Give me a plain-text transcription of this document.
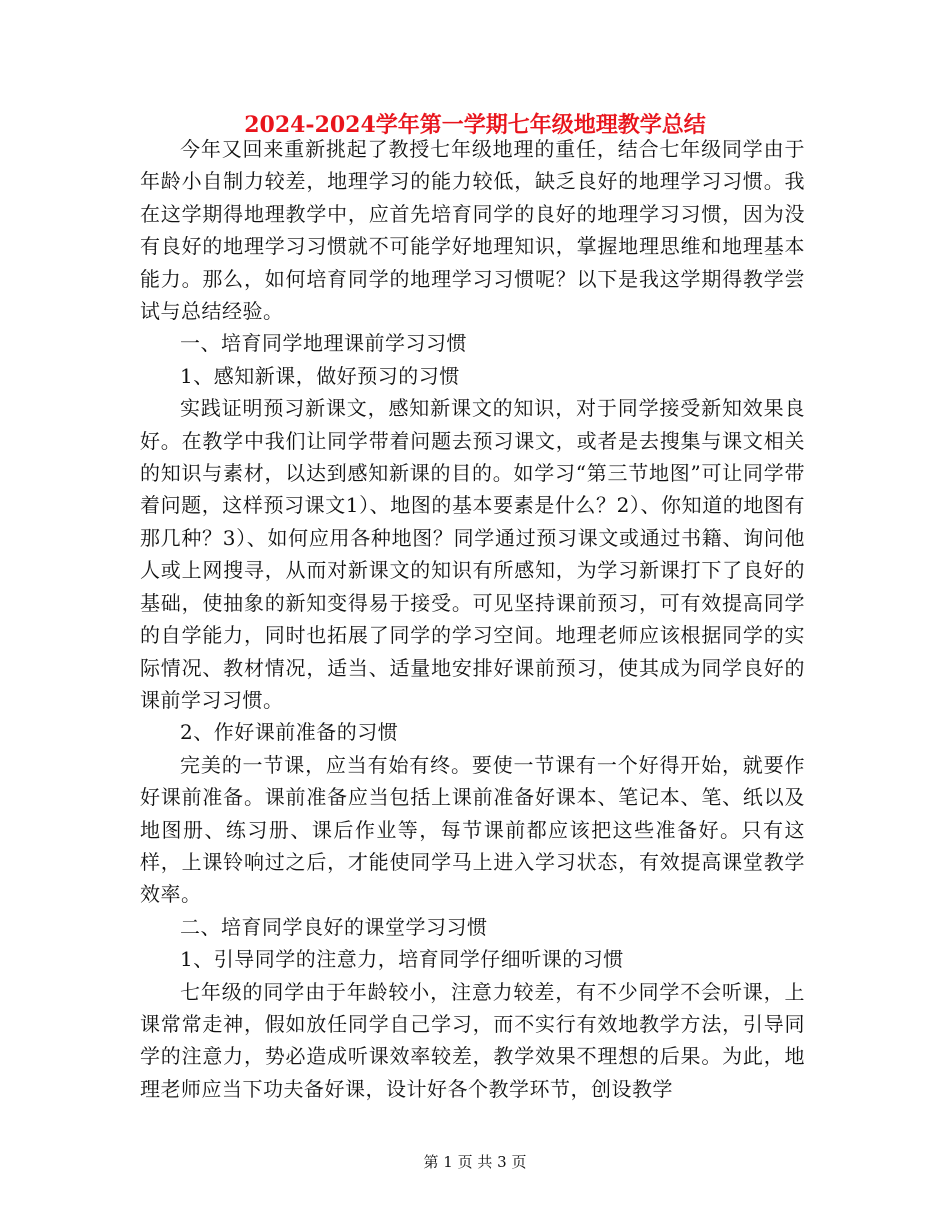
2024-2024学年第一学期七年级地理教学总结

今年又回来重新挑起了教授七年级地理的重任，结合七年级同学由于年龄小自制力较差，地理学习的能力较低，缺乏良好的地理学习习惯。我在这学期得地理教学中，应首先培育同学的良好的地理学习习惯，因为没有良好的地理学习习惯就不可能学好地理知识，掌握地理思维和地理基本能力。那么，如何培育同学的地理学习习惯呢？以下是我这学期得教学尝试与总结经验。

一、培育同学地理课前学习习惯

1、感知新课，做好预习的习惯

实践证明预习新课文，感知新课文的知识，对于同学接受新知效果良好。在教学中我们让同学带着问题去预习课文，或者是去搜集与课文相关的知识与素材，以达到感知新课的目的。如学习“第三节地图”可让同学带着问题，这样预习课文1）、地图的基本要素是什么？2）、你知道的地图有那几种？3）、如何应用各种地图？同学通过预习课文或通过书籍、询问他人或上网搜寻，从而对新课文的知识有所感知，为学习新课打下了良好的基础，使抽象的新知变得易于接受。可见坚持课前预习，可有效提高同学的自学能力，同时也拓展了同学的学习空间。地理老师应该根据同学的实际情况、教材情况，适当、适量地安排好课前预习，使其成为同学良好的课前学习习惯。

2、作好课前准备的习惯

完美的一节课，应当有始有终。要使一节课有一个好得开始，就要作好课前准备。课前准备应当包括上课前准备好课本、笔记本、笔、纸以及地图册、练习册、课后作业等，每节课前都应该把这些准备好。只有这样，上课铃响过之后，才能使同学马上进入学习状态，有效提高课堂教学效率。

二、培育同学良好的课堂学习习惯

1、引导同学的注意力，培育同学仔细听课的习惯

七年级的同学由于年龄较小，注意力较差，有不少同学不会听课，上课常常走神，假如放任同学自己学习，而不实行有效地教学方法，引导同学的注意力，势必造成听课效率较差，教学效果不理想的后果。为此，地理老师应当下功夫备好课，设计好各个教学环节，创设教学

第 1 页 共 3 页
